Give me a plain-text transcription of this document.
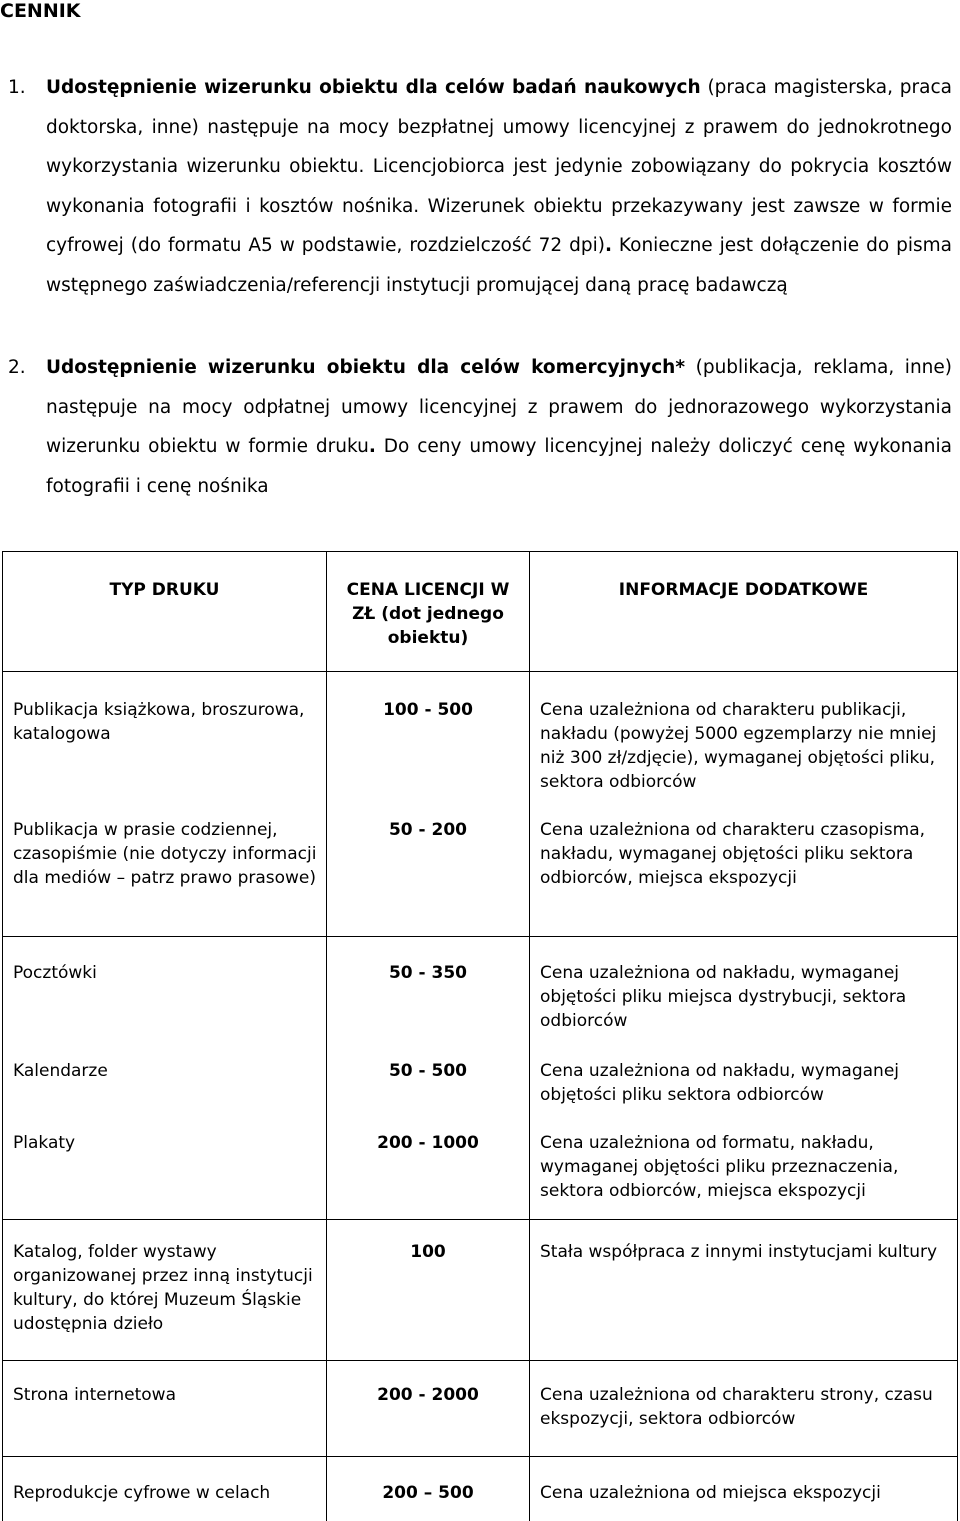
CENNIK
1. Udostępnienie wizerunku obiektu dla celów badań naukowych (praca magisterska, praca doktorska, inne) następuje na mocy bezpłatnej umowy licencyjnej z prawem do jednokrotnego wykorzystania wizerunku obiektu. Licencjobiorca jest jedynie zobowiązany do pokrycia kosztów wykonania fotografii i kosztów nośnika. Wizerunek obiektu przekazywany jest zawsze w formie cyfrowej (do formatu A5 w podstawie, rozdzielczość 72 dpi). Konieczne jest dołączenie do pisma wstępnego zaświadczenia/referencji instytucji promującej daną pracę badawczą
2. Udostępnienie wizerunku obiektu dla celów komercyjnych* (publikacja, reklama, inne) następuje na mocy odpłatnej umowy licencyjnej z prawem do jednorazowego wykorzystania wizerunku obiektu w formie druku. Do ceny umowy licencyjnej należy doliczyć cenę wykonania fotografii i cenę nośnika
TYP DRUKU	CENA LICENCJI W ZŁ (dot jednego obiektu)	INFORMACJE DODATKOWE
Publikacja książkowa, broszurowa, katalogowa	100 - 500	Cena uzależniona od charakteru publikacji, nakładu (powyżej 5000 egzemplarzy nie mniej niż 300 zł/zdjęcie), wymaganej objętości pliku, sektora odbiorców
Publikacja w prasie codziennej, czasopiśmie (nie dotyczy informacji dla mediów – patrz prawo prasowe)	50 - 200	Cena uzależniona od charakteru czasopisma, nakładu, wymaganej objętości pliku sektora odbiorców, miejsca ekspozycji
Pocztówki	50 - 350	Cena uzależniona od nakładu, wymaganej objętości pliku miejsca dystrybucji, sektora odbiorców
Kalendarze	50 - 500	Cena uzależniona od nakładu, wymaganej objętości pliku sektora odbiorców
Plakaty	200 - 1000	Cena uzależniona od formatu, nakładu, wymaganej objętości pliku przeznaczenia, sektora odbiorców, miejsca ekspozycji
Katalog, folder wystawy organizowanej przez inną instytucji kultury, do której Muzeum Śląskie udostępnia dzieło	100	Stała współpraca z innymi instytucjami kultury
Strona internetowa	200 - 2000	Cena uzależniona od charakteru strony, czasu ekspozycji, sektora odbiorców
Reprodukcje cyfrowe w celach	200 – 500	Cena uzależniona od miejsca ekspozycji
